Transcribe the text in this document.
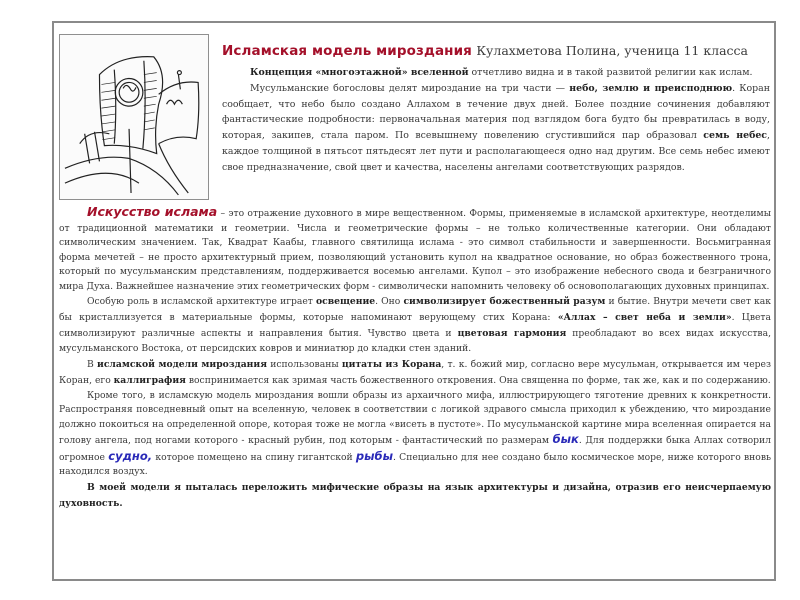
Исламская модель мироздания Кулахметова Полина, ученица 11 класса

Концепция «многоэтажной» вселенной отчетливо видна и в такой развитой религии как ислам.

Мусульманские богословы делят мироздание на три части — небо, землю и преисподнюю. Коран сообщает, что небо было создано Аллахом в течение двух дней. Более поздние сочинения добавляют фантастические подробности: первоначальная материя под взглядом бога будто бы превратилась в воду, которая, закипев, стала паром. По всевышнему повелению сгустившийся пар образовал семь небес, каждое толщиной в пятьсот пятьдесят лет пути и располагающееся одно над другим. Все семь небес имеют свое предназначение, свой цвет и качества, населены ангелами соответствующих разрядов.

Искусство ислама – это отражение духовного в мире вещественном. Формы, применяемые в исламской архитектуре, неотделимы от традиционной математики и геометрии. Числа и геометрические формы – не только количественные категории. Они обладают символическим значением. Так, Квадрат Каабы, главного святилища ислама - это символ стабильности и завершенности. Восьмигранная форма мечетей – не просто архитектурный прием, позволяющий установить купол на квадратное основание, но образ божественного трона, который по мусульманским представлениям, поддерживается восемью ангелами. Купол – это изображение небесного свода и безграничного мира Духа. Важнейшее назначение этих геометрических форм - символически напомнить человеку об основополагающих духовных принципах.

Особую роль в исламской архитектуре играет освещение. Оно символизирует божественный разум и бытие. Внутри мечети свет как бы кристаллизуется в материальные формы, которые напоминают верующему стих Корана: «Аллах – свет неба и земли». Цвета символизируют различные аспекты и направления бытия. Чувство цвета и цветовая гармония преобладают во всех видах искусства, мусульманского Востока, от персидских ковров и миниатюр до кладки стен зданий.

В исламской модели мироздания использованы цитаты из Корана, т. к. божий мир, согласно вере мусульман, открывается им через Коран, его каллиграфия воспринимается как зримая часть божественного откровения. Она священна по форме, так же, как и по содержанию.

Кроме того, в исламскую модель мироздания вошли образы из архаичного мифа, иллюстрирующего тяготение древних к конкретности. Распространяя повседневный опыт на вселенную, человек в соответствии с логикой здравого смысла приходил к убеждению, что мироздание должно покоиться на определенной опоре, которая тоже не могла «висеть в пустоте». По мусульманской картине мира вселенная опирается на голову ангела, под ногами которого - красный рубин, под которым - фантастический по размерам бык. Для поддержки быка Аллах сотворил огромное судно, которое помещено на спину гигантской рыбы. Специально для нее создано было космическое море, ниже которого вновь находился воздух.

В моей модели я пыталась переложить мифические образы на язык архитектуры и дизайна, отразив его неисчерпаемую духовность.
